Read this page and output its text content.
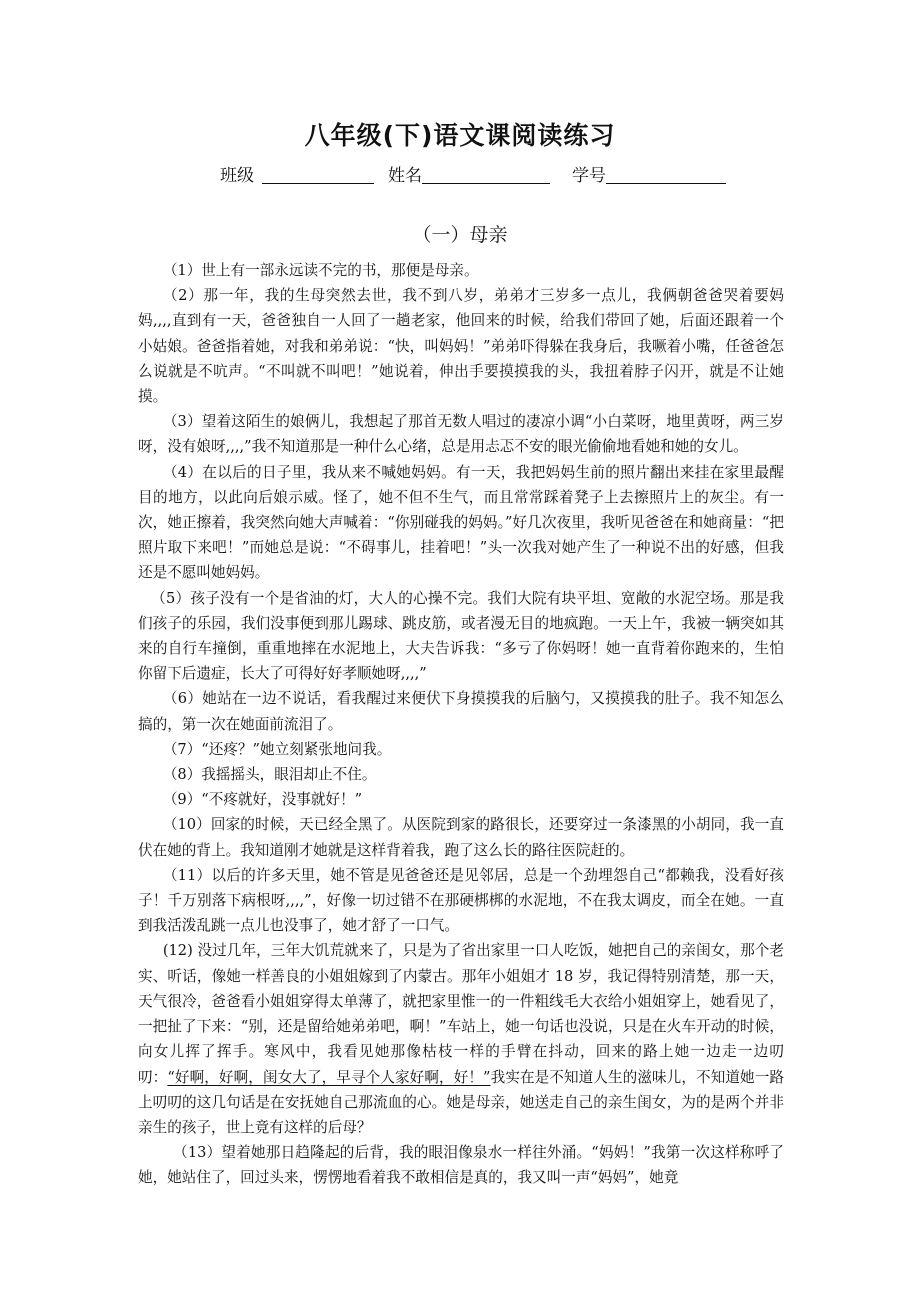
八年级(下)语文课阅读练习
班级	姓名	学号
（一）母亲

（1）世上有一部永远读不完的书，那便是母亲。

（2）那一年，我的生母突然去世，我不到八岁，弟弟才三岁多一点儿，我俩朝爸爸哭着要妈妈,,,,直到有一天，爸爸独自一人回了一趟老家，他回来的时候，给我们带回了她，后面还跟着一个小姑娘。爸爸指着她，对我和弟弟说：“快，叫妈妈！”弟弟吓得躲在我身后，我噘着小嘴，任爸爸怎么说就是不吭声。“不叫就不叫吧！”她说着，伸出手要摸摸我的头，我扭着脖子闪开，就是不让她摸。

（3）望着这陌生的娘俩儿，我想起了那首无数人唱过的凄凉小调“小白菜呀，地里黄呀，两三岁呀，没有娘呀,,,,”我不知道那是一种什么心绪，总是用忐忑不安的眼光偷偷地看她和她的女儿。

（4）在以后的日子里，我从来不喊她妈妈。有一天，我把妈妈生前的照片翻出来挂在家里最醒目的地方，以此向后娘示威。怪了，她不但不生气，而且常常踩着凳子上去擦照片上的灰尘。有一次，她正擦着，我突然向她大声喊着：“你别碰我的妈妈。”好几次夜里，我听见爸爸在和她商量：“把照片取下来吧！”而她总是说：“不碍事儿，挂着吧！”头一次我对她产生了一种说不出的好感，但我还是不愿叫她妈妈。

（5）孩子没有一个是省油的灯，大人的心操不完。我们大院有块平坦、宽敞的水泥空场。那是我们孩子的乐园，我们没事便到那儿踢球、跳皮筋，或者漫无目的地疯跑。一天上午，我被一辆突如其来的自行车撞倒，重重地摔在水泥地上，大夫告诉我：“多亏了你妈呀！她一直背着你跑来的，生怕你留下后遗症，长大了可得好好孝顺她呀,,,,”

（6）她站在一边不说话，看我醒过来便伏下身摸摸我的后脑勺，又摸摸我的肚子。我不知怎么搞的，第一次在她面前流泪了。

（7）“还疼？”她立刻紧张地问我。

（8）我摇摇头，眼泪却止不住。

（9）“不疼就好，没事就好！”

（10）回家的时候，天已经全黑了。从医院到家的路很长，还要穿过一条漆黑的小胡同，我一直伏在她的背上。我知道刚才她就是这样背着我，跑了这么长的路往医院赶的。

（11）以后的许多天里，她不管是见爸爸还是见邻居，总是一个劲埋怨自己“都赖我，没看好孩子！千万别落下病根呀,,,,”，好像一切过错不在那硬梆梆的水泥地，不在我太调皮，而全在她。一直到我活泼乱跳一点儿也没事了，她才舒了一口气。

(12) 没过几年，三年大饥荒就来了，只是为了省出家里一口人吃饭，她把自己的亲闺女，那个老实、听话，像她一样善良的小姐姐嫁到了内蒙古。那年小姐姐才 18 岁，我记得特别清楚，那一天，天气很冷，爸爸看小姐姐穿得太单薄了，就把家里惟一的一件粗线毛大衣给小姐姐穿上，她看见了，一把扯了下来：“别，还是留给她弟弟吧，啊！”车站上，她一句话也没说，只是在火车开动的时候，向女儿挥了挥手。寒风中，我看见她那像枯枝一样的手臂在抖动，回来的路上她一边走一边叨叨：“好啊，好啊，闺女大了，早寻个人家好啊，好！”我实在是不知道人生的滋味儿，不知道她一路上叨叨的这几句话是在安抚她自己那流血的心。她是母亲，她送走自己的亲生闺女，为的是两个并非亲生的孩子，世上竟有这样的后母？

（13）望着她那日趋隆起的后背，我的眼泪像泉水一样往外涌。“妈妈！”我第一次这样称呼了她，她站住了，回过头来，愣愣地看着我不敢相信是真的，我又叫一声“妈妈”，她竟
